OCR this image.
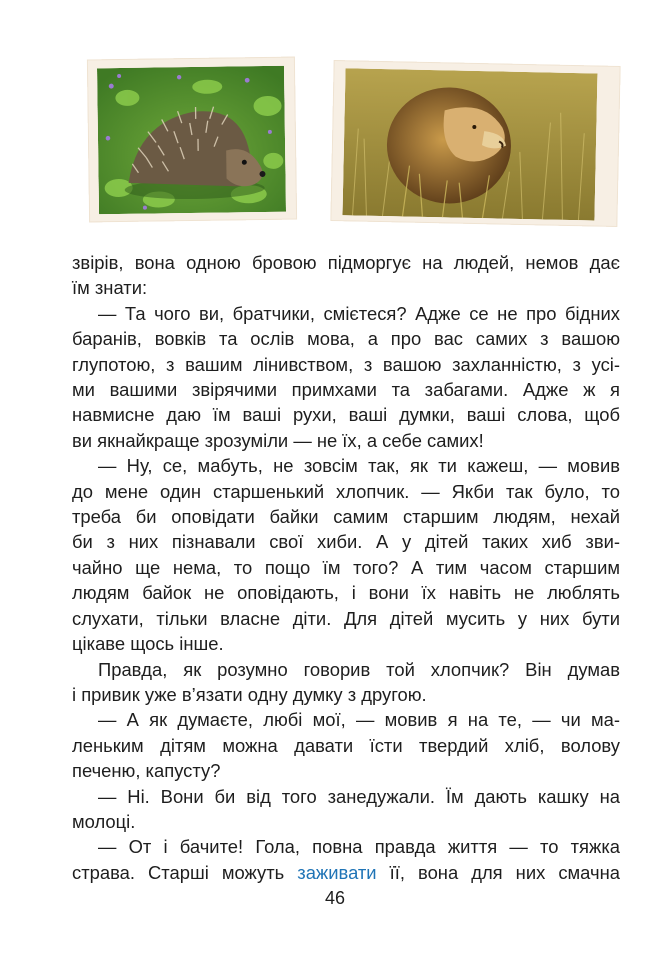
звірів, вона одною бровою підморгує на людей, немов дає

їм знати:

— Та чого ви, братчики, смієтеся? Адже се не про бідних

баранів, вовків та ослів мова, а про вас самих з вашою

глупотою, з вашим лінивством, з вашою захланністю, з усі-

ми вашими звірячими примхами та забагами. Адже ж я

навмисне даю їм ваші рухи, ваші думки, ваші слова, щоб

ви якнайкраще зрозуміли — не їх, а себе самих!

— Ну, се, мабуть, не зовсім так, як ти кажеш, — мовив

до мене один старшенький хлопчик. — Якби так було, то

треба би оповідати байки самим старшим людям, нехай

би з них пізнавали свої хиби. А у дітей таких хиб зви-

чайно ще нема, то пощо їм того? А тим часом старшим

людям байок не оповідають, і вони їх навіть не люблять

слухати, тільки власне діти. Для дітей мусить у них бути

цікаве щось інше.

Правда, як розумно говорив той хлопчик? Він думав

і привик уже в’язати одну думку з другою.

— А як думаєте, любі мої, — мовив я на те, — чи ма-

леньким дітям можна давати їсти твердий хліб, волову

печеню, капусту?

— Ні. Вони би від того занедужали. Їм дають кашку на

молоці.

— От і бачите! Гола, повна правда життя — то тяжка

страва. Старші можуть заживати її, вона для них смачна

46
